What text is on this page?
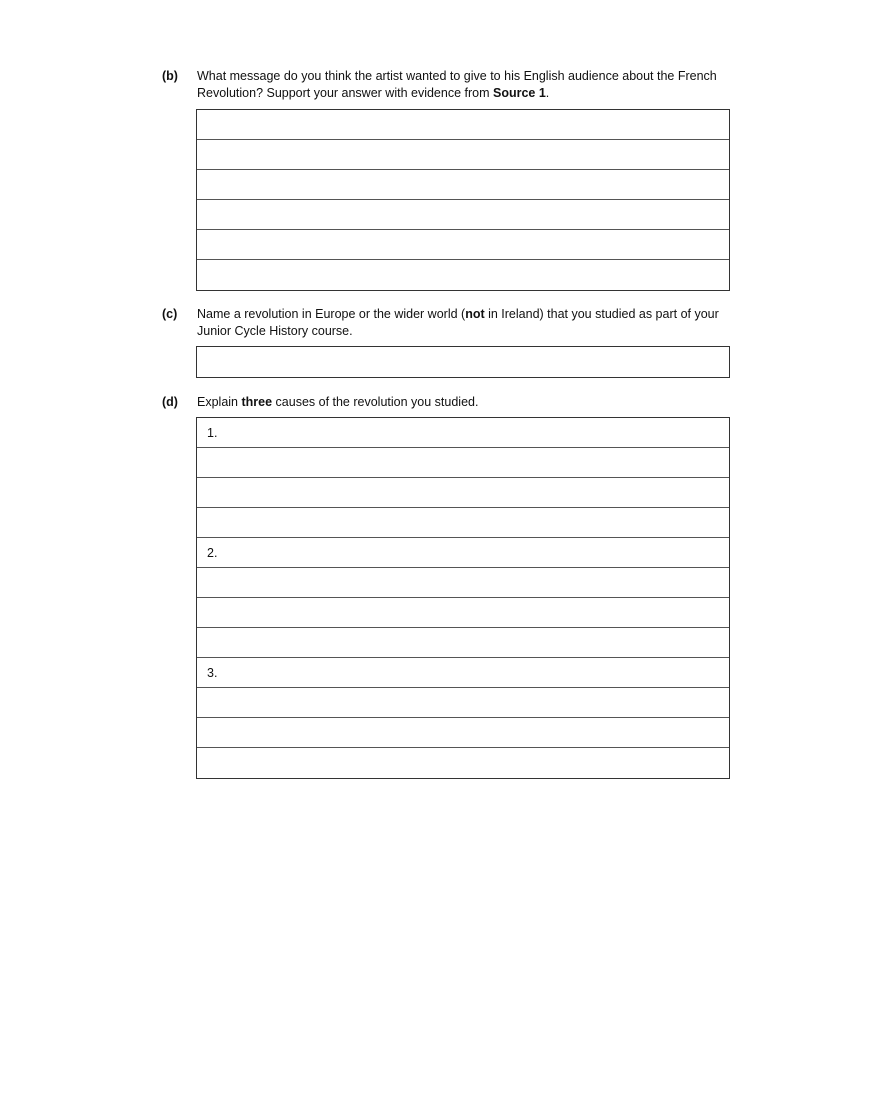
(b)	What message do you think the artist wanted to give to his English audience about the French Revolution? Support your answer with evidence from Source 1.
(c)	Name a revolution in Europe or the wider world (not in Ireland) that you studied as part of your Junior Cycle History course.
(d)	Explain three causes of the revolution you studied.
1.
2.
3.
